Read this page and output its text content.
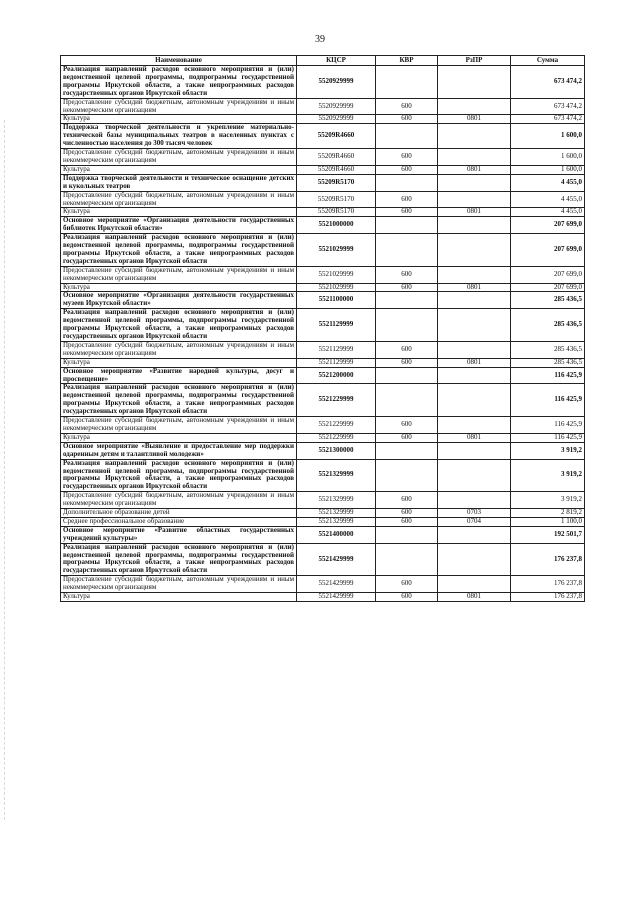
39
Наименование	КЦСР	КВР	РзПР	Сумма
Реализация направлений расходов основного мероприятия и (или) ведомственной целевой программы, подпрограммы государственной программы Иркутской области, а также непрограммных расходов государственных органов Иркутской области	5520929999			673 474,2
Предоставление субсидий бюджетным, автономным учреждениям и иным некоммерческим организациям	5520929999	600		673 474,2
Культура	5520929999	600	0801	673 474,2
Поддержка творческой деятельности и укрепление материально-технической базы муниципальных театров в населенных пунктах с численностью населения до 300 тысяч человек	55209R4660			1 600,0
Предоставление субсидий бюджетным, автономным учреждениям и иным некоммерческим организациям	55209R4660	600		1 600,0
Культура	55209R4660	600	0801	1 600,0
Поддержка творческой деятельности и техническое оснащение детских и кукольных театров	55209R5170			4 455,0
Предоставление субсидий бюджетным, автономным учреждениям и иным некоммерческим организациям	55209R5170	600		4 455,0
Культура	55209R5170	600	0801	4 455,0
Основное мероприятие «Организация деятельности государственных библиотек Иркутской области»	5521000000			207 699,0
Реализация направлений расходов основного мероприятия и (или) ведомственной целевой программы, подпрограммы государственной программы Иркутской области, а также непрограммных расходов государственных органов Иркутской области	5521029999			207 699,0
Предоставление субсидий бюджетным, автономным учреждениям и иным некоммерческим организациям	5521029999	600		207 699,0
Культура	5521029999	600	0801	207 699,0
Основное мероприятие «Организация деятельности государственных музеев Иркутской области»	5521100000			285 436,5
Реализация направлений расходов основного мероприятия и (или) ведомственной целевой программы, подпрограммы государственной программы Иркутской области, а также непрограммных расходов государственных органов Иркутской области	5521129999			285 436,5
Предоставление субсидий бюджетным, автономным учреждениям и иным некоммерческим организациям	5521129999	600		285 436,5
Культура	5521129999	600	0801	285 436,5
Основное мероприятие «Развитие народной культуры, досуг и просвещение»	5521200000			116 425,9
Реализация направлений расходов основного мероприятия и (или) ведомственной целевой программы, подпрограммы государственной программы Иркутской области, а также непрограммных расходов государственных органов Иркутской области	5521229999			116 425,9
Предоставление субсидий бюджетным, автономным учреждениям и иным некоммерческим организациям	5521229999	600		116 425,9
Культура	5521229999	600	0801	116 425,9
Основное мероприятие «Выявление и предоставление мер поддержки одаренным детям и талантливой молодежи»	5521300000			3 919,2
Реализация направлений расходов основного мероприятия и (или) ведомственной целевой программы, подпрограммы государственной программы Иркутской области, а также непрограммных расходов государственных органов Иркутской области	5521329999			3 919,2
Предоставление субсидий бюджетным, автономным учреждениям и иным некоммерческим организациям	5521329999	600		3 919,2
Дополнительное образование детей	5521329999	600	0703	2 819,2
Среднее профессиональное образование	5521329999	600	0704	1 100,0
Основное мероприятие «Развитие областных государственных учреждений культуры»	5521400000			192 501,7
Реализация направлений расходов основного мероприятия и (или) ведомственной целевой программы, подпрограммы государственной программы Иркутской области, а также непрограммных расходов государственных органов Иркутской области	5521429999			176 237,8
Предоставление субсидий бюджетным, автономным учреждениям и иным некоммерческим организациям	5521429999	600		176 237,8
Культура	5521429999	600	0801	176 237,8
